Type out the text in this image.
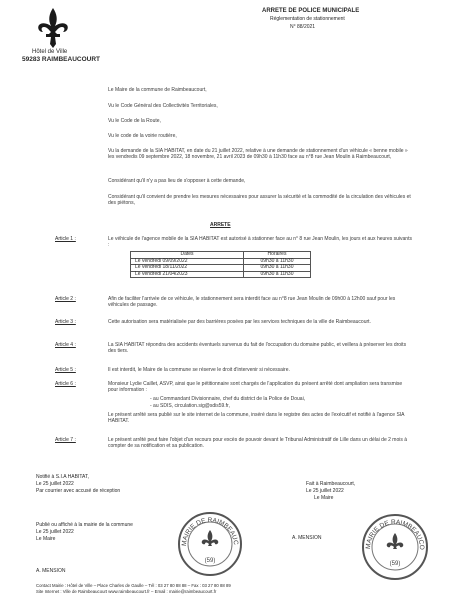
Hôtel de Ville
59283 RAIMBEAUCOURT
ARRETE DE POLICE MUNICIPALE
Réglementation de stationnement
N° 88/2021
Le Maire de la commune de Raimbeaucourt,
Vu le Code Général des Collectivités Territoriales,
Vu le Code de la Route,
Vu le code de la voirie routière,
Vu la demande de la SIA HABITAT, en date du 21 juillet 2022, relative à une demande de stationnement d'un véhicule « benne mobile » les vendredis 09 septembre 2022, 18 novembre, 21 avril 2023 de 09h30 à 11h30 face au n°8 rue Jean Moulin à Raimbeaucourt,
Considérant qu'il n'y a pas lieu de s'opposer à cette demande,
Considérant qu'il convient de prendre les mesures nécessaires pour assurer la sécurité et la commodité de la circulation des véhicules et des piétons,
ARRETE
Article 1 :	Le véhicule de l'agence mobile de la SIA HABITAT est autorisé à stationner face au n° 8 rue Jean Moulin, les jours et aux heures suivants :
Dates	Horaires
Le vendredi 09/09/2022	09h30 à 11h30
Le vendredi 18/11/2022	09h30 à 11h30
Le vendredi 21/04/2023	09h30 à 11h30
Article 2 :	Afin de faciliter l'arrivée de ce véhicule, le stationnement sera interdit face au n°8 rue Jean Moulin de 09h00 à 12h00 sauf pour les véhicules de passage.
Article 3 :	Cette autorisation sera matérialisée par des barrières posées par les services techniques de la ville de Raimbeaucourt.
Article 4 :	La SIA HABITAT répondra des accidents éventuels survenus du fait de l'occupation du domaine public, et veillera à préserver les droits des tiers.
Article 5 :	Il est interdit, le Maire de la commune se réserve le droit d'intervenir si nécessaire.
Article 6 :	Monsieur Lydie Caillet, ASVP, ainsi que le pétitionnaire sont chargés de l'application du présent arrêté dont ampliation sera transmise pour information :
- au Commandant Divisionnaire, chef du district de la Police de Douai,
- au SDIS, circulation.sig@sdis59.fr,
Le présent arrêté sera publié sur le site internet de la commune, inséré dans le registre des actes de l'exécutif et notifié à l'agence SIA HABITAT.
Article 7 :	Le présent arrêté peut faire l'objet d'un recours pour excès de pouvoir devant le Tribunal Administratif de Lille dans un délai de 2 mois à compter de sa notification et sa publication.
Notifié à S.I.A HABITAT,
Le 25 juillet 2022
Par courrier avec accusé de réception
Publié ou affiché à la mairie de la commune
Le 25 juillet 2022
Le Maire
A. MENSION
Fait à Raimbeaucourt,
Le 25 juillet 2022
Le Maire
A. MENSION
MAIRIE DE RAIMBEAUC
(59)
MAIRIE DE RAIMBEAUCO
(59)
Contact Mairie : Hôtel de Ville – Place Charles de Gaulle – Tél : 03 27 80 88 88 – Fax : 03 27 80 88 89
Site Internet : Ville de Raimbeaucourt www.raimbeaucourt.fr – Email : mairie@raimbeaucourt.fr
